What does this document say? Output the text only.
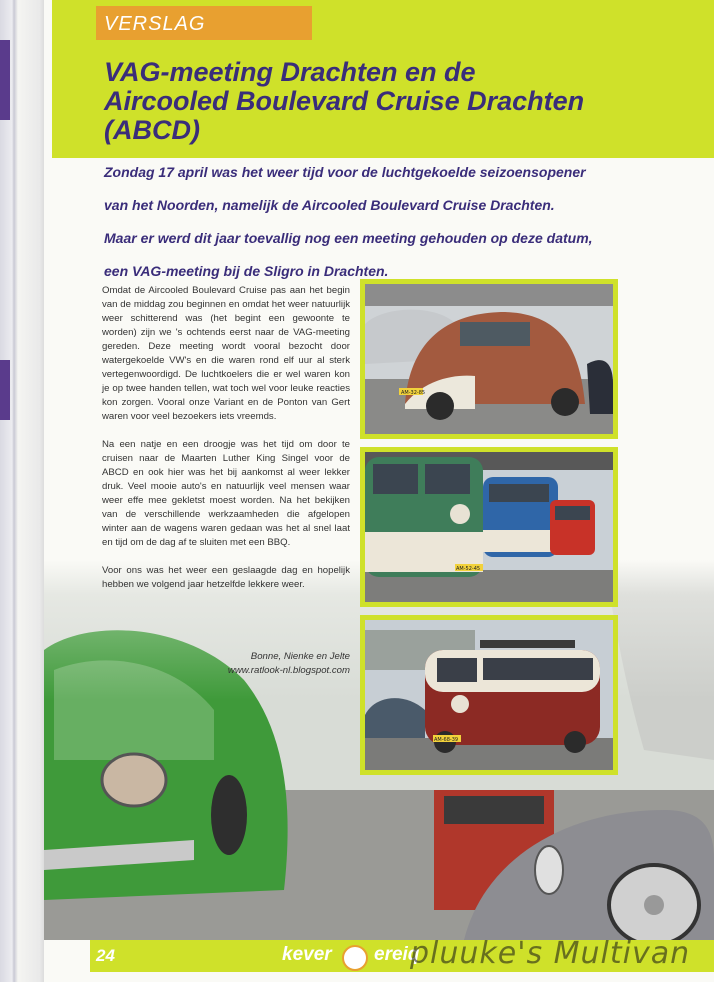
VERSLAG
VAG-meeting Drachten en de
Aircooled Boulevard Cruise Drachten
(ABCD)
Zondag 17 april was het weer tijd voor de luchtgekoelde seizoensopener
van het Noorden, namelijk de Aircooled Boulevard Cruise Drachten.
Maar er werd dit jaar toevallig nog een meeting gehouden op deze datum,
een VAG-meeting bij de Sligro in Drachten.

Omdat de Aircooled Boulevard Cruise pas aan het begin van de middag zou beginnen en omdat het weer natuurlijk weer schitterend was (het begint een gewoonte te worden) zijn we 's ochtends eerst naar de VAG-meeting gereden. Deze meeting wordt vooral bezocht door watergekoelde VW's en die waren rond elf uur al sterk vertegenwoordigd. De luchtkoelers die er wel waren kon je op twee handen tellen, wat toch wel voor leuke reacties kon zorgen. Vooral onze Variant en de Ponton van Gert waren voor veel bezoekers iets vreemds.

Na een natje en een droogje was het tijd om door te cruisen naar de Maarten Luther King Singel voor de ABCD en ook hier was het bij aankomst al weer lekker druk. Veel mooie auto's en natuurlijk veel mensen waar weer effe mee gekletst moest worden. Na het bekijken van de verschillende werkzaamheden die afgelopen winter aan de wagens waren gedaan was het al snel laat en tijd om de dag af te sluiten met een BBQ.

Voor ons was het weer een geslaagde dag en hopelijk hebben we volgend jaar hetzelfde lekkere weer.

Bonne, Nienke en Jelte
www.ratlook-nl.blogspot.com
AM-32-85
AM-52-45
AM-68-39
24	kever ereiq
pluuke's Multivan
